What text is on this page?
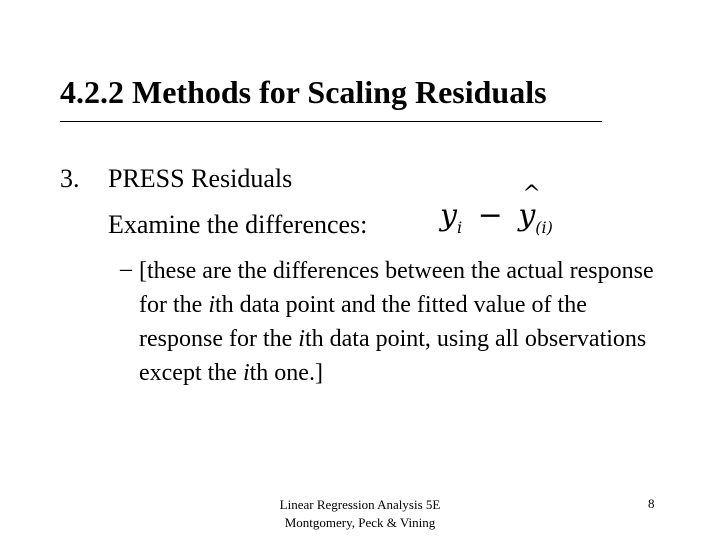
4.2.2 Methods for Scaling Residuals
3. PRESS Residuals
Examine the differences: $y_i$ − ^ $y_{(i)}$
– [these are the differences between the actual response for the ith data point and the fitted value of the response for the ith data point, using all observations except the ith one.]
Linear Regression Analysis 5E
Montgomery, Peck & Vining
8
